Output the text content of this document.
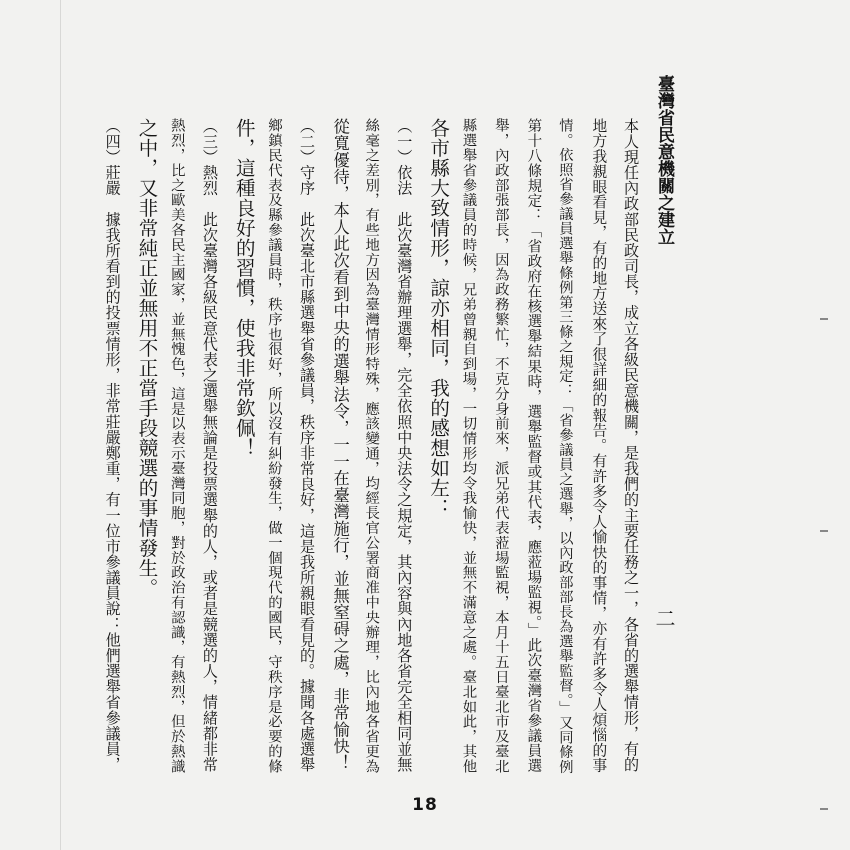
臺灣省民意機關之建立
二
本人現任內政部民政司長，成立各級民意機關，是我們的主要任務之一，各省的選舉情形，有的
地方我親眼看見，有的地方送來了很詳細的報告。有許多令人愉快的事情，亦有許多令人煩惱的事
情。依照省參議員選舉條例第三條之規定：「省參議員之選舉，以內政部部長為選舉監督。」又同條例
第十八條規定：「省政府在核選舉結果時，選舉監督或其代表，應蒞場監視。」此次臺灣省參議員選
舉，內政部張部長，因為政務繁忙，不克分身前來，派兄弟代表蒞場監視，本月十五日臺北市及臺北
縣選舉省參議員的時候，兄弟曾親自到場，一切情形均令我愉快，並無不滿意之處。臺北如此，其他
各市縣大致情形，諒亦相同，我的感想如左：
（一）依法　此次臺灣省辦理選舉，完全依照中央法令之規定，其內容與內地各省完全相同並無
絲毫之差別，有些地方因為臺灣情形特殊，應該變通，均經長官公署商准中央辦理，比內地各省更為
從寬優待，本人此次看到中央的選舉法令，一一在臺灣施行，並無窒碍之處，非常愉快！
（二）守序　此次臺北市縣選舉省參議員，秩序非常良好，這是我所親眼看見的。據聞各處選舉
鄉鎮民代表及縣參議員時，秩序也很好，所以沒有糾紛發生，做一個現代的國民，守秩序是必要的條
件，這種良好的習慣，使我非常欽佩！
（三）熱烈　此次臺灣各級民意代表之選舉無論是投票選舉的人，或者是競選的人，情緒都非常
熱烈，比之歐美各民主國家，並無愧色，這是以表示臺灣同胞，對於政治有認識，有熱烈，但於熱識
之中，又非常純正並無用不正當手段競選的事情發生。
（四）莊嚴　據我所看到的投票情形，非常莊嚴鄭重，有一位市參議員說：他們選舉省參議員，
18
